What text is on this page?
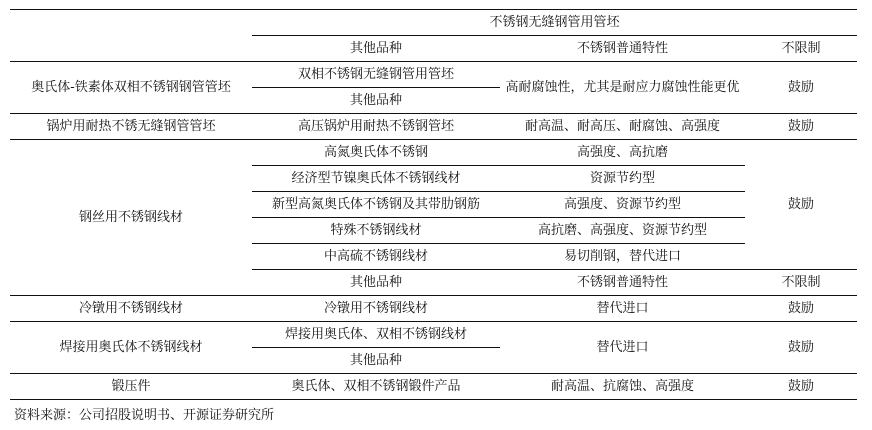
	不锈钢无缝钢管用管坯		
	其他品种	不锈钢普通特性	不限制
奥氏体-铁素体双相不锈钢钢管管坯	双相不锈钢无缝钢管用管坯	高耐腐蚀性，尤其是耐应力腐蚀性能更优	鼓励
	其他品种		
锅炉用耐热不锈无缝钢管管坯	高压锅炉用耐热不锈钢管坯	耐高温、耐高压、耐腐蚀、高强度	鼓励
钢丝用不锈钢线材	高氮奥氏体不锈钢	高强度、高抗磨	鼓励
	经济型节镍奥氏体不锈钢线材	资源节约型	
	新型高氮奥氏体不锈钢及其带肋钢筋	高强度、资源节约型	
	特殊不锈钢线材	高抗磨、高强度、资源节约型	
	中高硫不锈钢线材	易切削钢，替代进口	
	其他品种	不锈钢普通特性	不限制
冷镦用不锈钢线材	冷镦用不锈钢线材	替代进口	鼓励
焊接用奥氏体不锈钢线材	焊接用奥氏体、双相不锈钢线材	替代进口	鼓励
	其他品种		
锻压件	奥氏体、双相不锈钢锻件产品	耐高温、抗腐蚀、高强度	鼓励
资料来源：公司招股说明书、开源证券研究所
